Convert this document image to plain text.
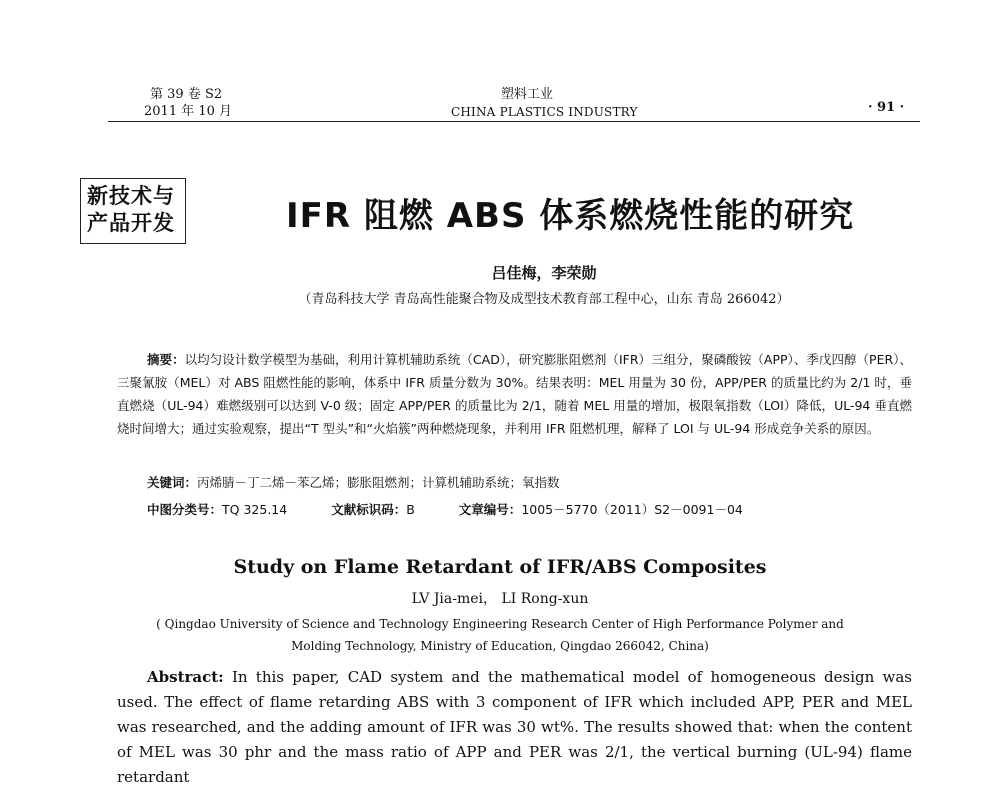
第 39 卷 S2
2011 年 10 月
塑料工业
CHINA PLASTICS INDUSTRY	· 91 ·
新技术与
产品开发	IFR 阻燃 ABS 体系燃烧性能的研究
吕佳梅，李荣勋
（青岛科技大学 青岛高性能聚合物及成型技术教育部工程中心，山东 青岛 266042）
摘要：以均匀设计数学模型为基础，利用计算机辅助系统（CAD），研究膨胀阻燃剂（IFR）三组分，聚磷酸铵（APP）、季戊四醇（PER）、三聚氰胺（MEL）对 ABS 阻燃性能的影响，体系中 IFR 质量分数为 30%。结果表明：MEL 用量为 30 份，APP/PER 的质量比约为 2/1 时，垂直燃烧（UL-94）难燃级别可以达到 V-0 级；固定 APP/PER 的质量比为 2/1，随着 MEL 用量的增加，极限氧指数（LOI）降低，UL-94 垂直燃烧时间增大；通过实验观察，提出“T 型头”和“火焰簇”两种燃烧现象，并利用 IFR 阻燃机理，解释了 LOI 与 UL-94 形成竞争关系的原因。
关键词：丙烯腈－丁二烯－苯乙烯；膨胀阻燃剂；计算机辅助系统；氧指数
中图分类号：TQ 325.14	文献标识码：B	文章编号：1005－5770（2011）S2－0091－04
Study on Flame Retardant of IFR/ABS Composites
LV Jia-mei， LI Rong-xun
( Qingdao University of Science and Technology Engineering Research Center of High Performance Polymer and
Molding Technology, Ministry of Education, Qingdao 266042, China)
Abstract: In this paper, CAD system and the mathematical model of homogeneous design was used. The effect of flame retarding ABS with 3 component of IFR which included APP, PER and MEL was researched, and the adding amount of IFR was 30 wt%. The results showed that: when the content of MEL was 30 phr and the mass ratio of APP and PER was 2/1, the vertical burning (UL-94) flame retardant
